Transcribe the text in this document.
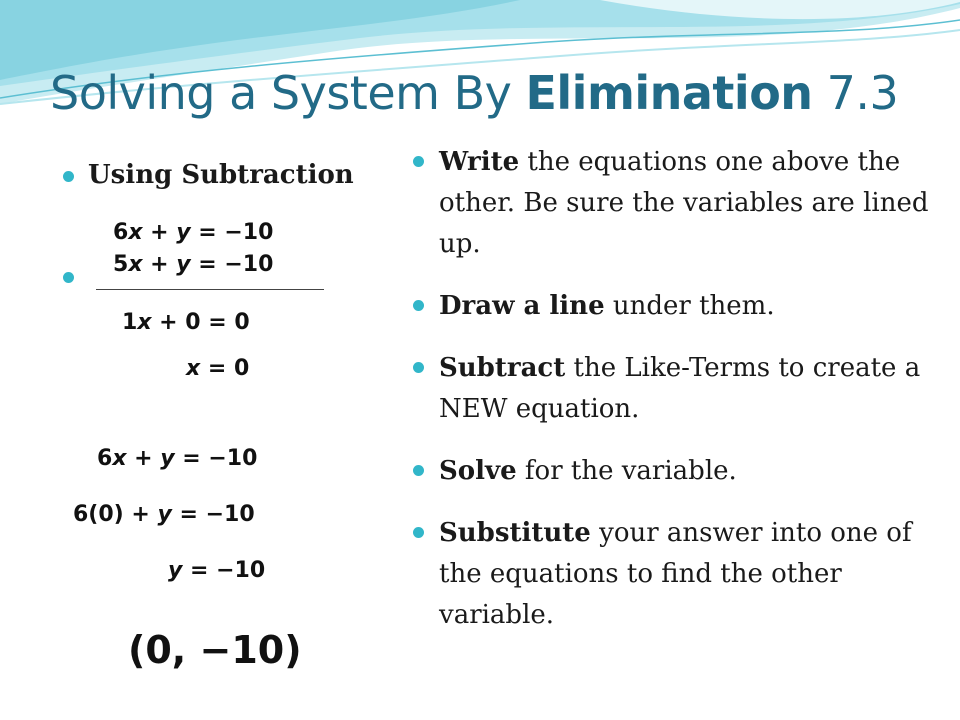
Solving a System By Elimination 7.3
Using Subtraction
6x + y = −10
5x + y = −10
1x + 0 = 0
x = 0
6x + y = −10
6(0) + y = −10
y = −10
(0, −10)
Write the equations one above the other. Be sure the variables are lined up.
Draw a line under them.
Subtract the Like-Terms to create a NEW equation.
Solve for the variable.
Substitute your answer into one of the equations to find the other variable.
